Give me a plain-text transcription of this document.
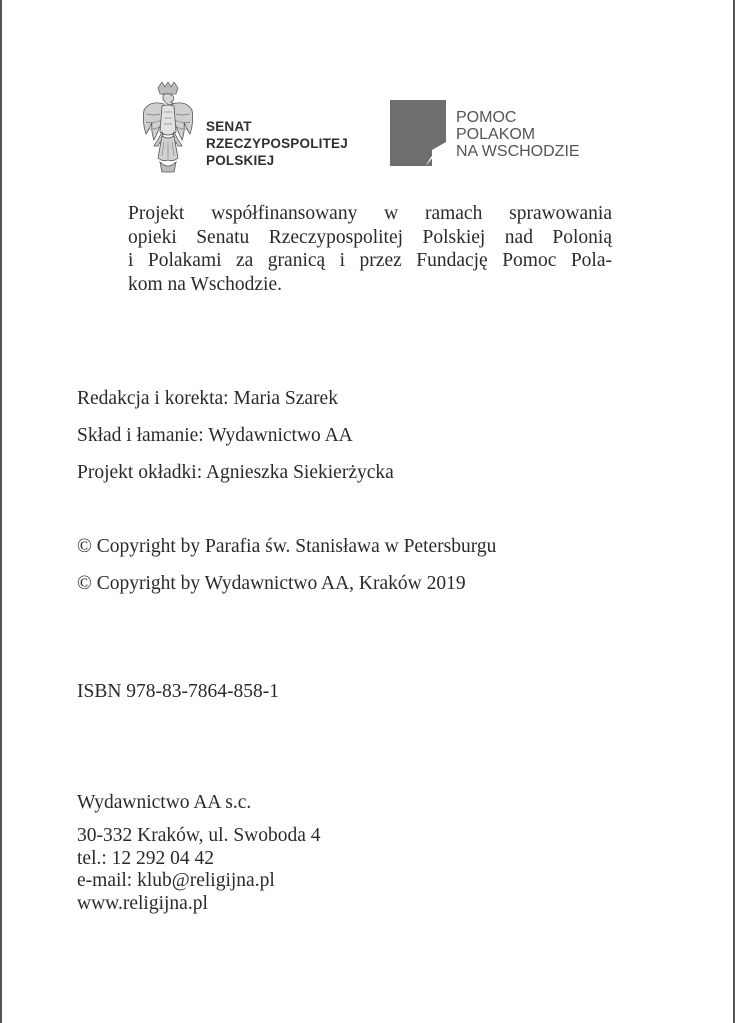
SENAT
RZECZYPOSPOLITEJ
POLSKIEJ
POMOC
POLAKOM
NA WSCHODZIE
Projekt współfinansowany w ramach sprawowania
opieki Senatu Rzeczypospolitej Polskiej nad Polonią
i Polakami za granicą i przez Fundację Pomoc Pola-
kom na Wschodzie.
Redakcja i korekta: Maria Szarek
Skład i łamanie: Wydawnictwo AA
Projekt okładki: Agnieszka Siekierżycka
© Copyright by Parafia św. Stanisława w Petersburgu
© Copyright by Wydawnictwo AA, Kraków 2019
ISBN 978-83-7864-858-1
Wydawnictwo AA s.c.
30-332 Kraków, ul. Swoboda 4
tel.: 12 292 04 42
e-mail: klub@religijna.pl
www.religijna.pl
